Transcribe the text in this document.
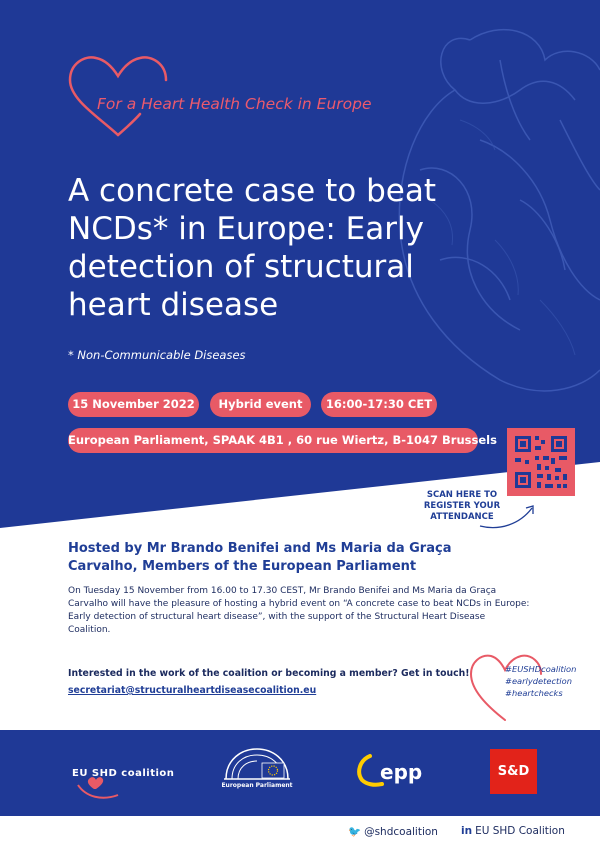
For a Heart Health Check in Europe
A concrete case to beat NCDs* in Europe: Early detection of structural heart disease
* Non-Communicable Diseases
15 November 2022	Hybrid event	16:00-17:30 CET
European Parliament, SPAAK 4B1 , 60 rue Wiertz, B-1047 Brussels
SCAN HERE TO REGISTER YOUR ATTENDANCE
Hosted by Mr Brando Benifei and Ms Maria da Graça Carvalho, Members of the European Parliament

On Tuesday 15 November from 16.00 to 17.30 CEST, Mr Brando Benifei and Ms Maria da Graça Carvalho will have the pleasure of hosting a hybrid event on “A concrete case to beat NCDs in Europe: Early detection of structural heart disease”, with the support of the Structural Heart Disease Coalition.

Interested in the work of the coalition or becoming a member? Get in touch!
secretariat@structuralheartdiseasecoalition.eu
#EUSHDcoalition
#earlydetection
#heartchecks
EU SHD coalition
European Parliament
epp	S&D
🐦 @shdcoalition in EU SHD Coalition
